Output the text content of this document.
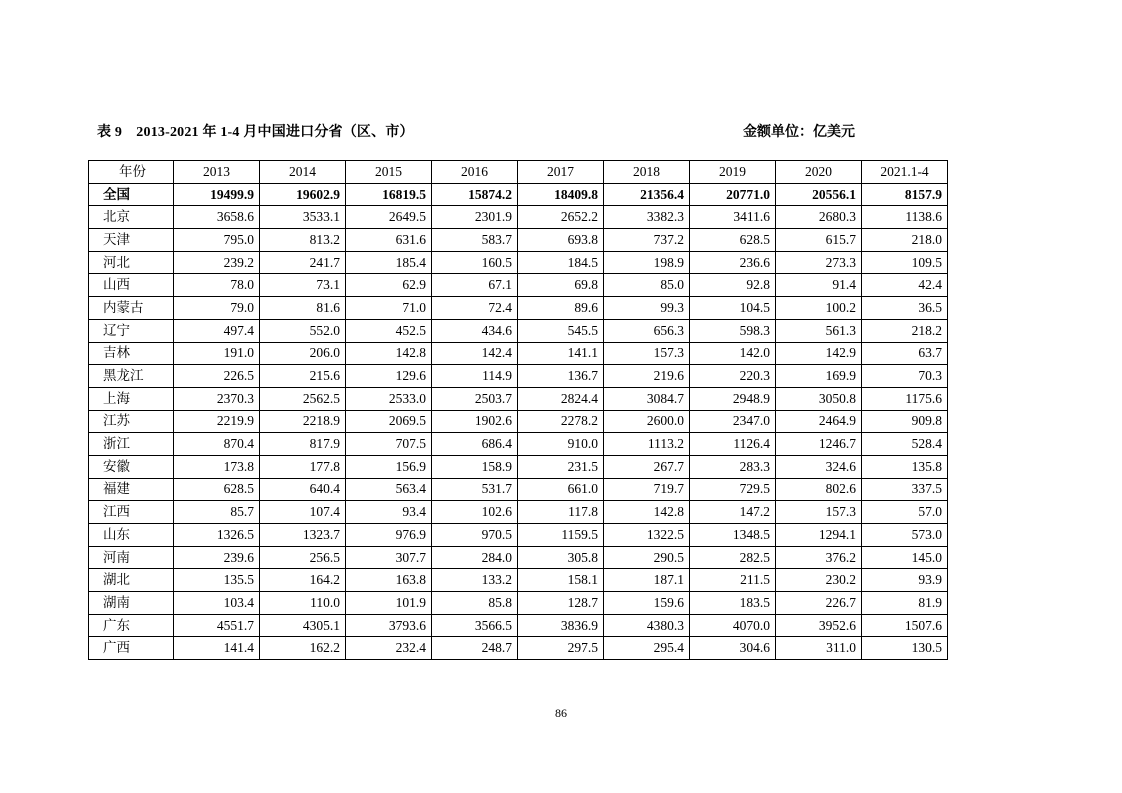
表 9　2013-2021 年 1-4 月中国进口分省（区、市）	金额单位：亿美元
年份	2013	2014	2015	2016	2017	2018	2019	2020	2021.1-4
全国	19499.9	19602.9	16819.5	15874.2	18409.8	21356.4	20771.0	20556.1	8157.9
北京	3658.6	3533.1	2649.5	2301.9	2652.2	3382.3	3411.6	2680.3	1138.6
天津	795.0	813.2	631.6	583.7	693.8	737.2	628.5	615.7	218.0
河北	239.2	241.7	185.4	160.5	184.5	198.9	236.6	273.3	109.5
山西	78.0	73.1	62.9	67.1	69.8	85.0	92.8	91.4	42.4
内蒙古	79.0	81.6	71.0	72.4	89.6	99.3	104.5	100.2	36.5
辽宁	497.4	552.0	452.5	434.6	545.5	656.3	598.3	561.3	218.2
吉林	191.0	206.0	142.8	142.4	141.1	157.3	142.0	142.9	63.7
黑龙江	226.5	215.6	129.6	114.9	136.7	219.6	220.3	169.9	70.3
上海	2370.3	2562.5	2533.0	2503.7	2824.4	3084.7	2948.9	3050.8	1175.6
江苏	2219.9	2218.9	2069.5	1902.6	2278.2	2600.0	2347.0	2464.9	909.8
浙江	870.4	817.9	707.5	686.4	910.0	1113.2	1126.4	1246.7	528.4
安徽	173.8	177.8	156.9	158.9	231.5	267.7	283.3	324.6	135.8
福建	628.5	640.4	563.4	531.7	661.0	719.7	729.5	802.6	337.5
江西	85.7	107.4	93.4	102.6	117.8	142.8	147.2	157.3	57.0
山东	1326.5	1323.7	976.9	970.5	1159.5	1322.5	1348.5	1294.1	573.0
河南	239.6	256.5	307.7	284.0	305.8	290.5	282.5	376.2	145.0
湖北	135.5	164.2	163.8	133.2	158.1	187.1	211.5	230.2	93.9
湖南	103.4	110.0	101.9	85.8	128.7	159.6	183.5	226.7	81.9
广东	4551.7	4305.1	3793.6	3566.5	3836.9	4380.3	4070.0	3952.6	1507.6
广西	141.4	162.2	232.4	248.7	297.5	295.4	304.6	311.0	130.5
86
